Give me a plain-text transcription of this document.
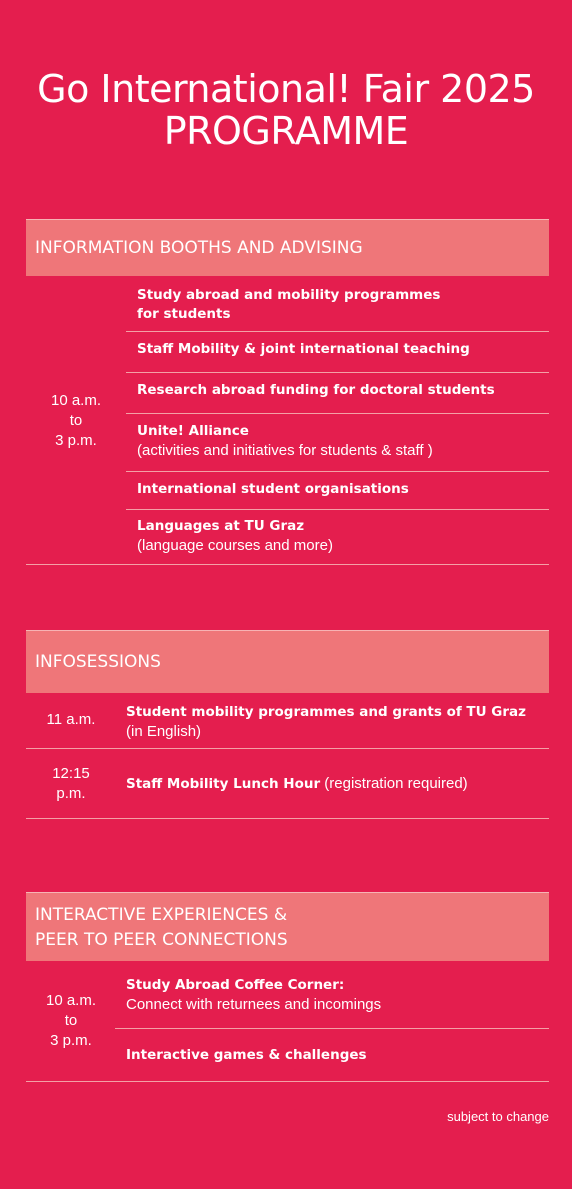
Go International! Fair 2025
PROGRAMME
INFORMATION BOOTHS AND ADVISING
10 a.m.
to
3 p.m.
Study abroad and mobility programmes
for students
Staff Mobility & joint international teaching
Research abroad funding for doctoral students
Unite! Alliance
(activities and initiatives for students & staff )
International student organisations
Languages at TU Graz
(language courses and more)
INFOSESSIONS
11 a.m.	Student mobility programmes and grants of TU Graz
(in English)
12:15
p.m.
Staff Mobility Lunch Hour (registration required)
INTERACTIVE EXPERIENCES &
PEER TO PEER CONNECTIONS
10 a.m.
to
3 p.m.
Study Abroad Coffee Corner:
Connect with returnees and incomings
Interactive games & challenges
subject to change
